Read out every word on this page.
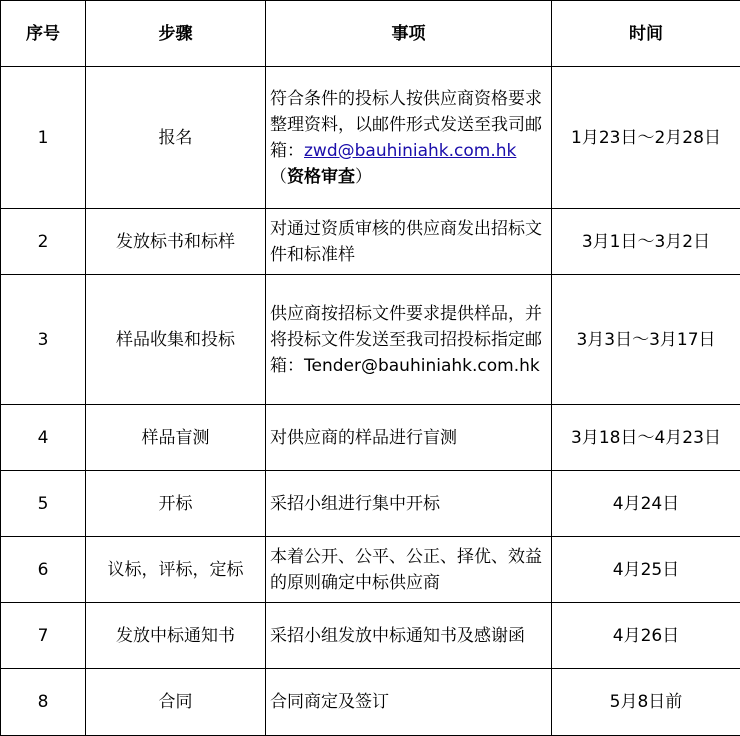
序号	步骤	事项	时间
1	报名	符合条件的投标人按供应商资格要求整理资料，以邮件形式发送至我司邮箱：zwd@bauhiniahk.com.hk（资格审查）	1月23日～2月28日
2	发放标书和标样	对通过资质审核的供应商发出招标文件和标准样	3月1日～3月2日
3	样品收集和投标	供应商按招标文件要求提供样品，并将投标文件发送至我司招投标指定邮箱：Tender@bauhiniahk.com.hk	3月3日～3月17日
4	样品盲测	对供应商的样品进行盲测	3月18日～4月23日
5	开标	采招小组进行集中开标	4月24日
6	议标，评标，定标	本着公开、公平、公正、择优、效益的原则确定中标供应商	4月25日
7	发放中标通知书	采招小组发放中标通知书及感谢函	4月26日
8	合同	合同商定及签订	5月8日前
